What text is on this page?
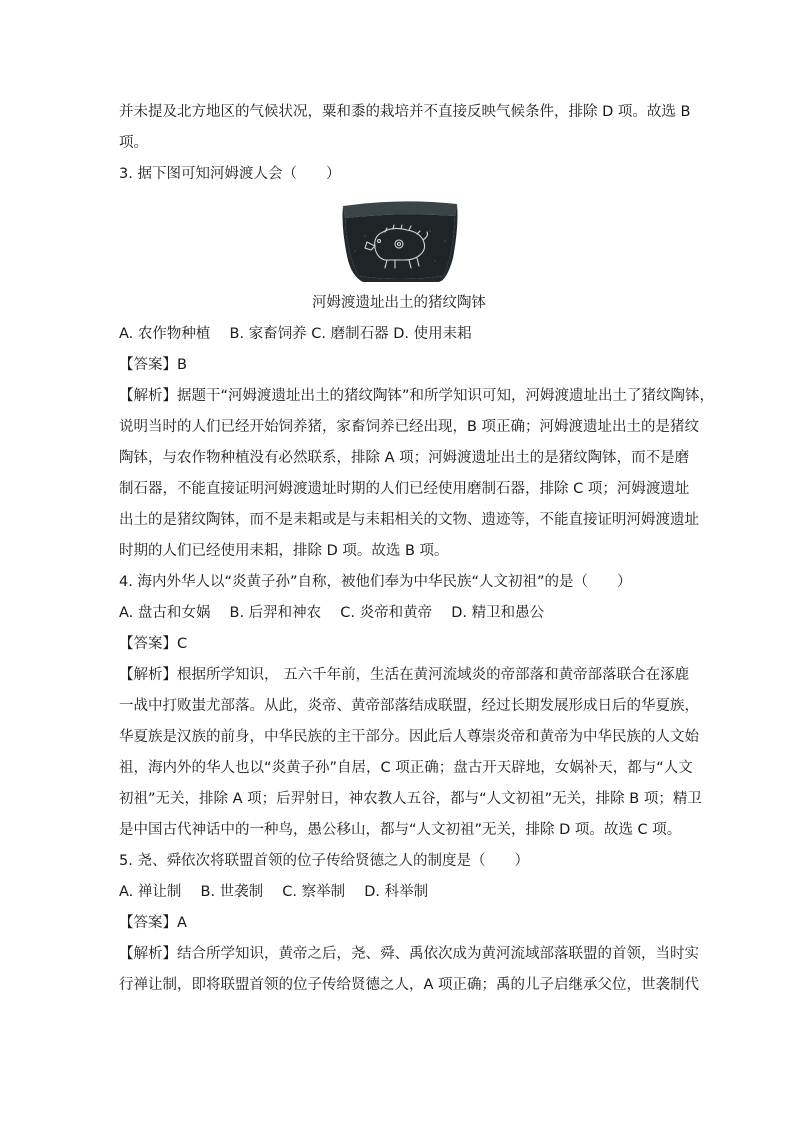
并未提及北方地区的气候状况，粟和黍的栽培并不直接反映气候条件，排除 D 项。故选 B
项。
3. 据下图可知河姆渡人会（　　）
河姆渡遗址出土的猪纹陶钵
A. 农作物种植　 B. 家畜饲养 C. 磨制石器 D. 使用耒耜
【答案】B
【解析】据题干“河姆渡遗址出土的猪纹陶钵”和所学知识可知，河姆渡遗址出土了猪纹陶钵，
说明当时的人们已经开始饲养猪，家畜饲养已经出现，B 项正确；河姆渡遗址出土的是猪纹
陶钵，与农作物种植没有必然联系，排除 A 项；河姆渡遗址出土的是猪纹陶钵，而不是磨
制石器，不能直接证明河姆渡遗址时期的人们已经使用磨制石器，排除 C 项；河姆渡遗址
出土的是猪纹陶钵，而不是耒耜或是与耒耜相关的文物、遗迹等，不能直接证明河姆渡遗址
时期的人们已经使用耒耜，排除 D 项。故选 B 项。
4. 海内外华人以“炎黄子孙”自称，被他们奉为中华民族“人文初祖”的是（　　）
A. 盘古和女娲　 B. 后羿和神农　 C. 炎帝和黄帝　 D. 精卫和愚公
【答案】C
【解析】根据所学知识， 五六千年前，生活在黄河流域炎的帝部落和黄帝部落联合在涿鹿
一战中打败蚩尤部落。从此，炎帝、黄帝部落结成联盟，经过长期发展形成日后的华夏族，
华夏族是汉族的前身，中华民族的主干部分。因此后人尊崇炎帝和黄帝为中华民族的人文始
祖，海内外的华人也以“炎黄子孙”自居，C 项正确；盘古开天辟地，女娲补天，都与“人文
初祖”无关，排除 A 项；后羿射日，神农教人五谷，都与“人文初祖”无关，排除 B 项；精卫
是中国古代神话中的一种鸟，愚公移山，都与“人文初祖”无关，排除 D 项。故选 C 项。
5. 尧、舜依次将联盟首领的位子传给贤德之人的制度是（　　）
A. 禅让制　 B. 世袭制　 C. 察举制　 D. 科举制
【答案】A
【解析】结合所学知识，黄帝之后，尧、舜、禹依次成为黄河流域部落联盟的首领，当时实
行禅让制，即将联盟首领的位子传给贤德之人，A 项正确；禹的儿子启继承父位，世袭制代
